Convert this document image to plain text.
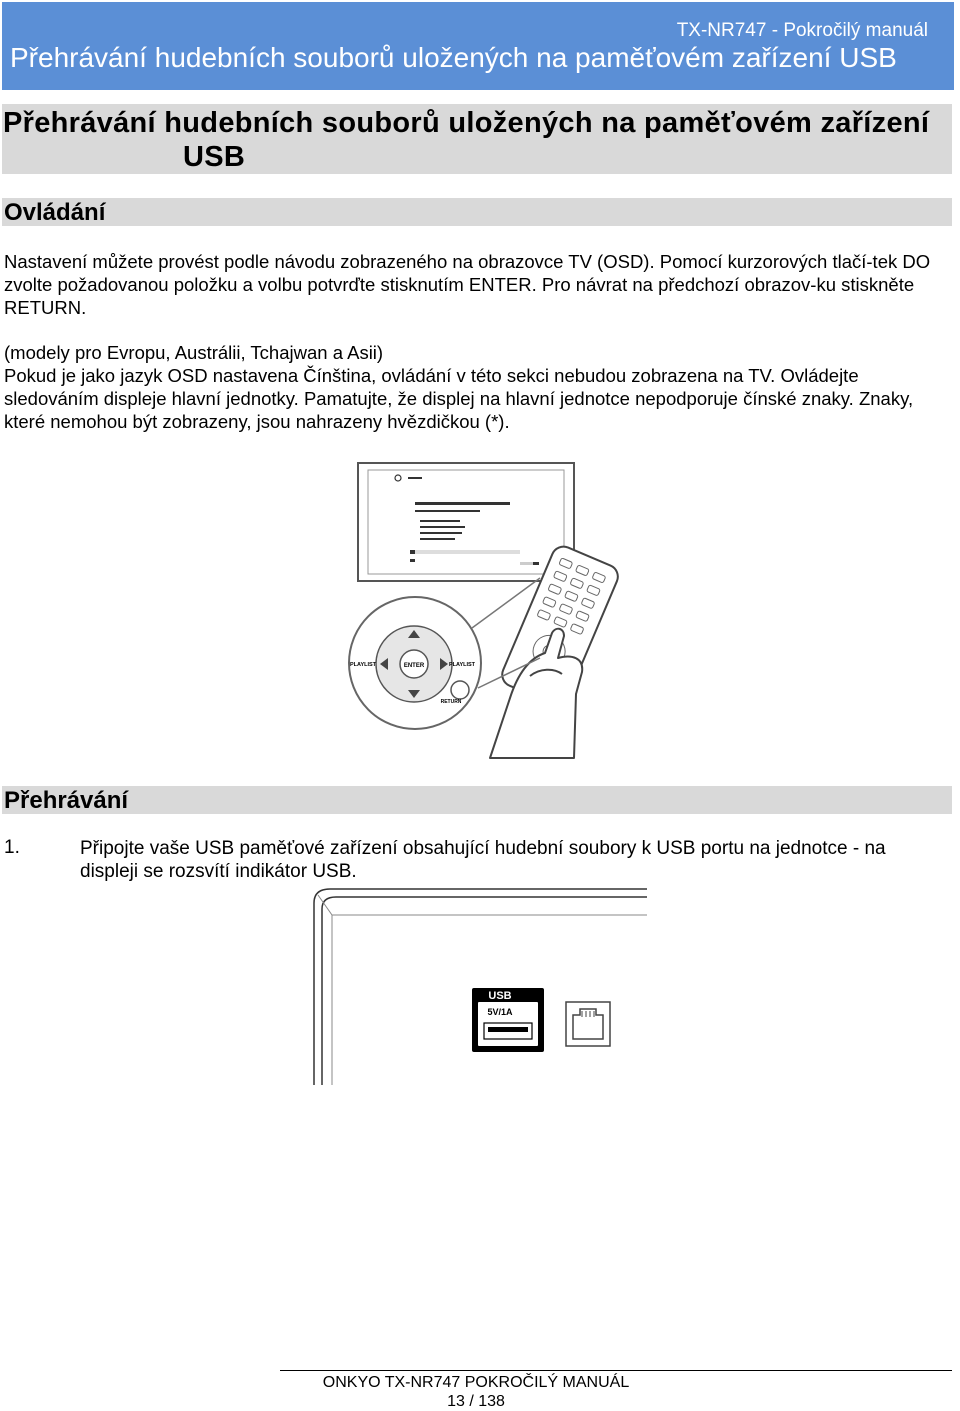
TX-NR747 - Pokročilý manuál
Přehrávání hudebních souborů uložených na paměťovém zařízení USB
Přehrávání hudebních souborů uložených na paměťovém zařízení
USB
Ovládání
Nastavení můžete provést podle návodu zobrazeného na obrazovce TV (OSD). Pomocí kurzorových tlačí-tek DO zvolte požadovanou položku a volbu potvrďte stisknutím ENTER. Pro návrat na předchozí obrazov-ku stiskněte RETURN.
(modely pro Evropu, Austrálii, Tchajwan a Asii)
Pokud je jako jazyk OSD nastavena Čínština, ovládání v této sekci nebudou zobrazena na TV. Ovládejte sledováním displeje hlavní jednotky. Pamatujte, že displej na hlavní jednotce nepodporuje čínské znaky. Znaky, které nemohou být zobrazeny, jsou nahrazeny hvězdičkou (*).
ENTER
PLAYLIST	PLAYLIST
RETURN
Přehrávání
1.	Připojte vaše USB paměťové zařízení obsahující hudební soubory k USB portu na jednotce - na displeji se rozsvítí indikátor USB.
USB
5V/1A
ONKYO TX-NR747 POKROČILÝ MANUÁL
13 / 138
